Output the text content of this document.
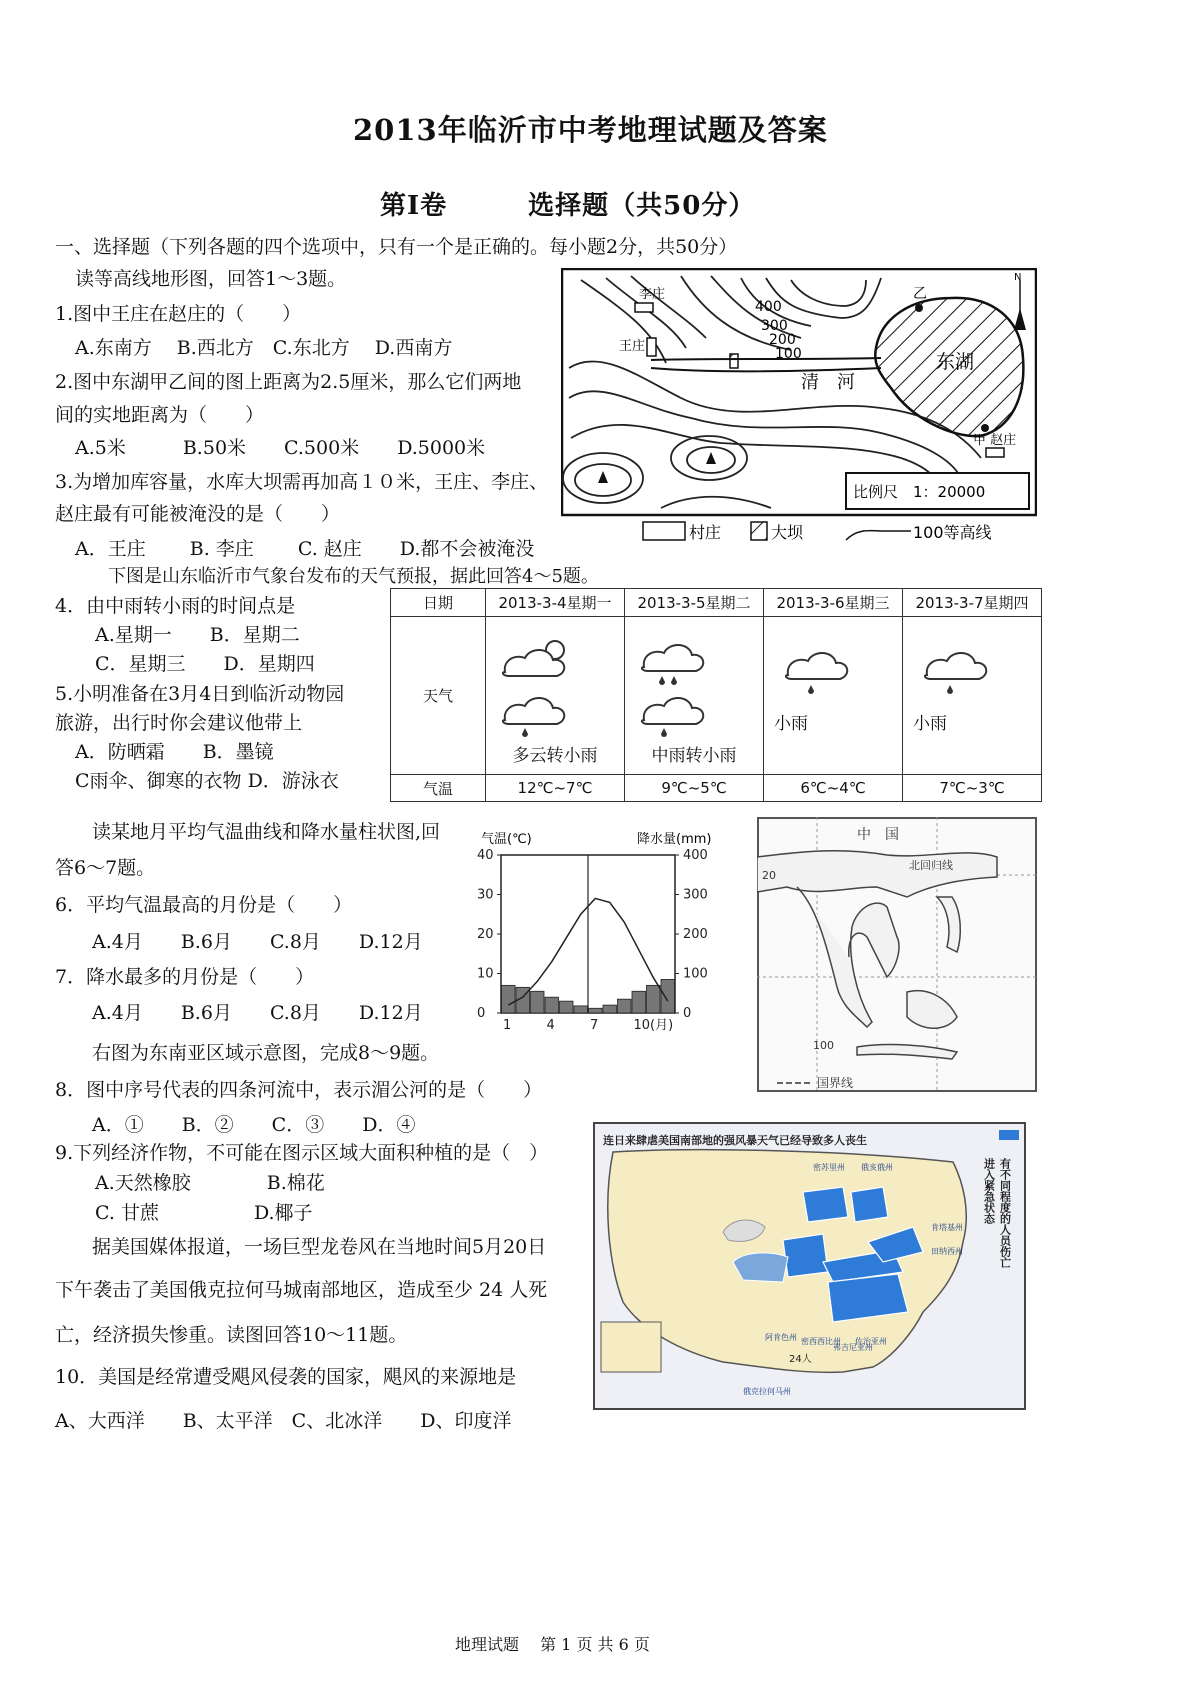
2013年临沂市中考地理试题及答案
第Ⅰ卷　　　选择题（共50分）
一、选择题（下列各题的四个选项中，只有一个是正确的。每小题2分，共50分）
读等高线地形图，回答1～3题。
1.图中王庄在赵庄的（　　）
A.东南方　 B.西北方　C.东北方　 D.西南方
2.图中东湖甲乙间的图上距离为2.5厘米，那么它们两地
间的实地距离为（　　）
A.5米　　　B.50米　　C.500米　　D.5000米
3.为增加库容量，水库大坝需再加高１０米，王庄、李庄、
赵庄最有可能被淹没的是（　　）
A．王庄　　 B. 李庄　　 C. 赵庄　　D.都不会被淹没
下图是山东临沂市气象台发布的天气预报，据此回答4～5题。
4．由中雨转小雨的时间点是
A.星期一　　B．星期二
C．星期三　　D．星期四
5.小明准备在3月4日到临沂动物园
旅游，出行时你会建议他带上
A．防晒霜　　B．墨镜
C雨伞、御寒的衣物 D．游泳衣
读某地月平均气温曲线和降水量柱状图,回
答6～7题。
6．平均气温最高的月份是（　　）
A.4月　　B.6月　　C.8月　　D.12月
7．降水最多的月份是（　　）
A.4月　　B.6月　　C.8月　　D.12月
右图为东南亚区域示意图，完成8～9题。
8．图中序号代表的四条河流中，表示湄公河的是（　　）
A．①　　B．②　　C．③　　D．④
9.下列经济作物，不可能在图示区域大面积种植的是（　）
A.天然橡胶　　　　B.棉花
C. 甘蔗　　　　　D.椰子
据美国媒体报道，一场巨型龙卷风在当地时间5月20日
下午袭击了美国俄克拉何马城南部地区，造成至少 24 人死
亡，经济损失惨重。读图回答10～11题。
10．美国是经常遭受飓风侵袭的国家，飓风的来源地是
A、大西洋　　B、太平洋　C、北冰洋　　D、印度洋
李庄
王庄
甲 赵庄
乙
清　河
东湖
N
400
300
200
100
比例尺　1：20000
村庄	大坝	100等高线
日期	2013-3-4星期一	2013-3-5星期二	2013-3-6星期三	2013-3-7星期四
天气	多云转小雨	中雨转小雨	小雨	小雨

气温	12℃~7℃	9℃~5℃	6℃~4℃	7℃~3℃
气温(℃)	降水量(mm)
40
30
20
10
0
400
300
200
100
0
1	4	7	10(月)
中　国
北回归线
20
100
国界线
连日来肆虐美国南部地的强风暴天气已经导致多人丧生
24人
密苏里州 俄亥俄州
密西西比州
肯塔基州
阿肯色州	佐治亚州
田纳西州
弗吉尼亚州
俄克拉何马州
有不同程度的人员伤亡
进入紧急状态
地理试题　 第 1 页 共 6 页
